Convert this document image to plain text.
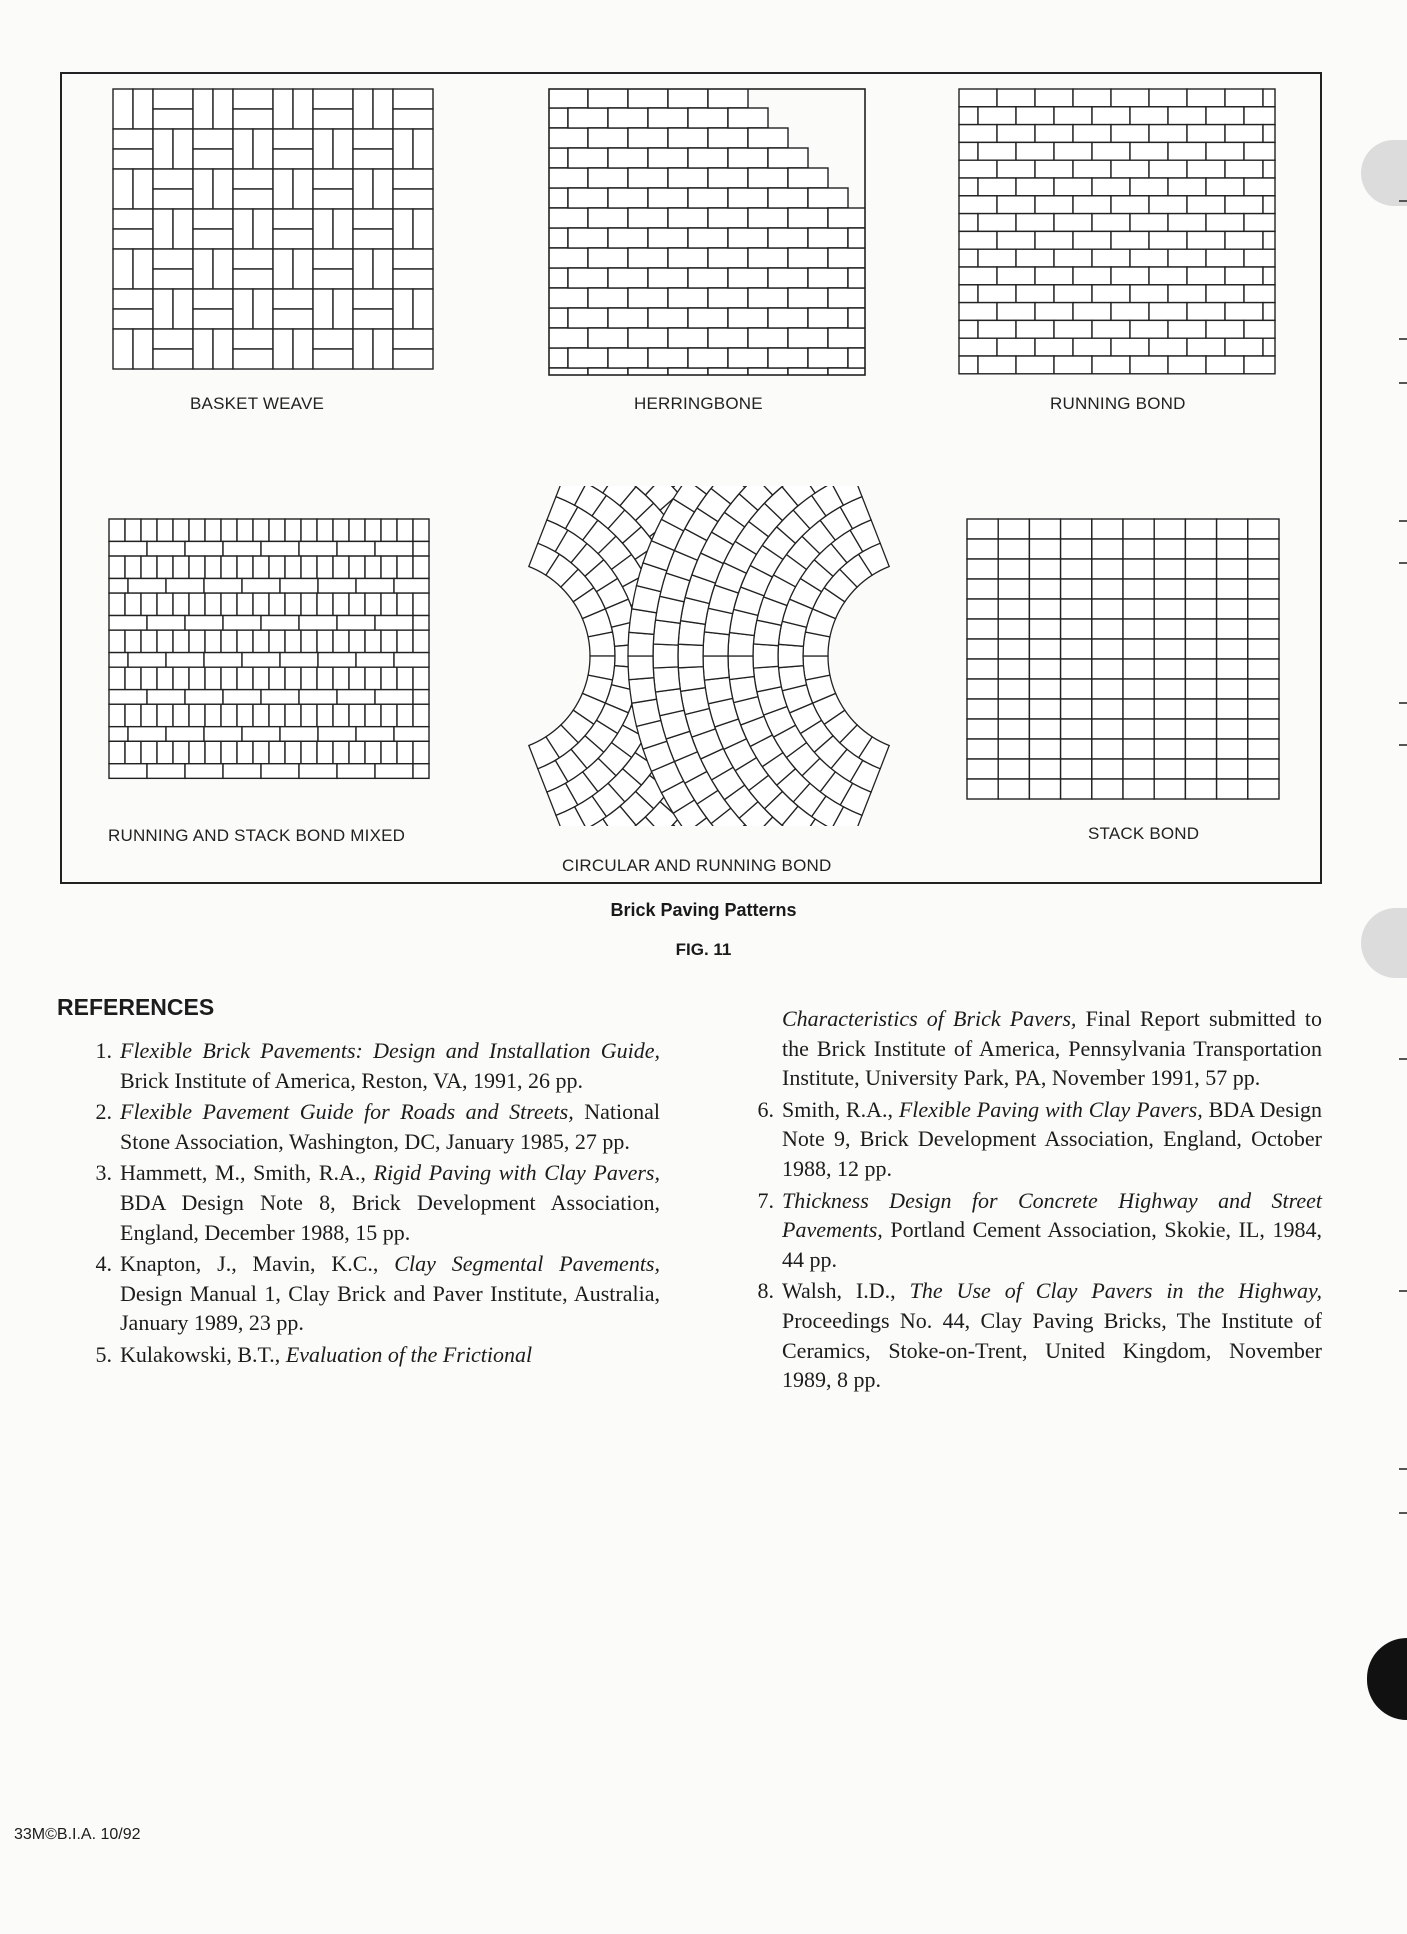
BASKET WEAVE	HERRINGBONE	RUNNING BOND
RUNNING AND STACK BOND MIXED
CIRCULAR AND RUNNING BOND
STACK BOND
Brick Paving Patterns
FIG. 11
REFERENCES
1. Flexible Brick Pavements: Design and Installation Guide, Brick Institute of America, Reston, VA, 1991, 26 pp.
2. Flexible Pavement Guide for Roads and Streets, National Stone Association, Washington, DC, January 1985, 27 pp.
3. Hammett, M., Smith, R.A., Rigid Paving with Clay Pavers, BDA Design Note 8, Brick Development Association, England, December 1988, 15 pp.
4. Knapton, J., Mavin, K.C., Clay Segmental Pavements, Design Manual 1, Clay Brick and Paver Institute, Australia, January 1989, 23 pp.
5. Kulakowski, B.T., Evaluation of the Frictional
Characteristics of Brick Pavers, Final Report submitted to the Brick Institute of America, Pennsylvania Transportation Institute, University Park, PA, November 1991, 57 pp.
6. Smith, R.A., Flexible Paving with Clay Pavers, BDA Design Note 9, Brick Development Association, England, October 1988, 12 pp.
7. Thickness Design for Concrete Highway and Street Pavements, Portland Cement Association, Skokie, IL, 1984, 44 pp.
8. Walsh, I.D., The Use of Clay Pavers in the Highway, Proceedings No. 44, Clay Paving Bricks, The Institute of Ceramics, Stoke-on-Trent, United Kingdom, November 1989, 8 pp.
33M©B.I.A. 10/92
